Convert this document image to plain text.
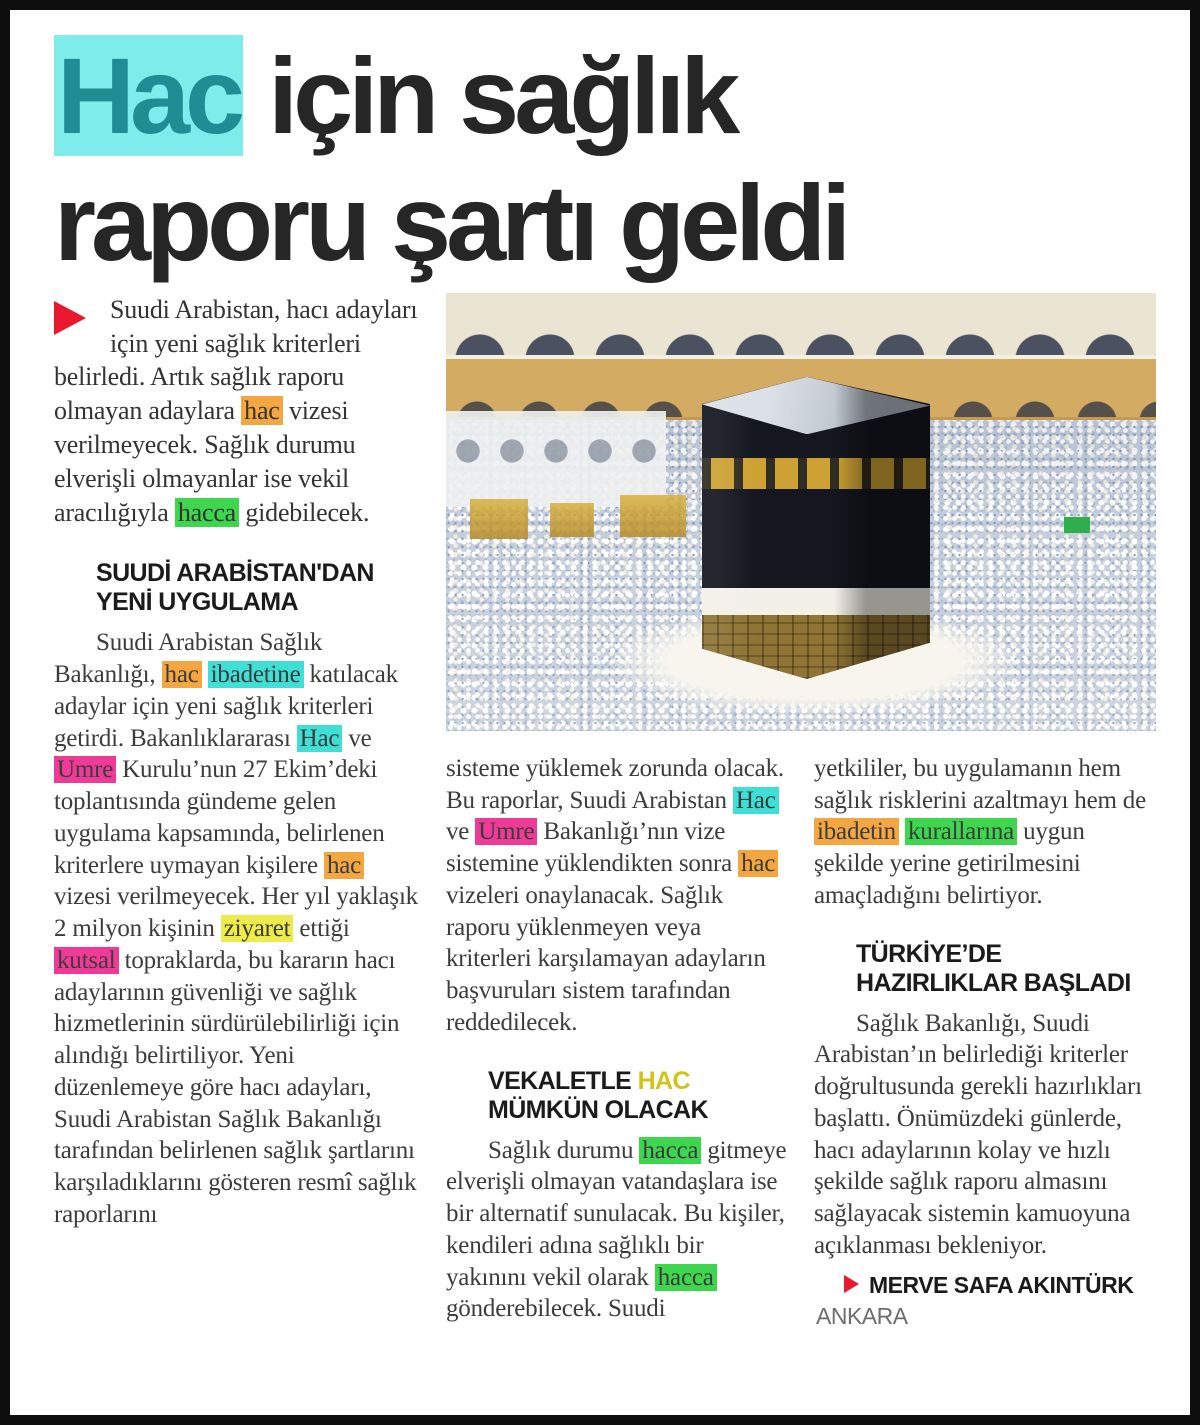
Hac için sağlık
raporu şartı geldi

Suudi Arabistan, hacı adayları için yeni sağlık kriterleri belirledi. Artık sağlık raporu olmayan adaylara hac vizesi verilmeyecek. Sağlık durumu elverişli olmayanlar ise vekil aracılığıyla hacca gidebilecek.

SUUDİ ARABİSTAN'DAN
YENİ UYGULAMA

Suudi Arabistan Sağlık Bakanlığı, hac ibadetine katılacak adaylar için yeni sağlık kriterleri getirdi. Bakanlıklararası Hac ve Umre Kurulu’nun 27 Ekim’deki toplantısında gündeme gelen uygulama kapsamında, belirlenen kriterlere uymayan kişilere hac vizesi verilmeyecek. Her yıl yaklaşık 2 milyon kişinin ziyaret ettiği kutsal topraklarda, bu kararın hacı adaylarının güvenliği ve sağlık hizmetlerinin sürdürülebilirliği için alındığı belirtiliyor. Yeni düzenlemeye göre hacı adayları, Suudi Arabistan Sağlık Bakanlığı tarafından belirlenen sağlık şartlarını karşıladıklarını gösteren resmî sağlık raporlarını

sisteme yüklemek zorunda olacak. Bu raporlar, Suudi Arabistan Hac ve Umre Bakanlığı’nın vize sistemine yüklendikten sonra hac vizeleri onaylanacak. Sağlık raporu yüklenmeyen veya kriterleri karşılamayan adayların başvuruları sistem tarafından reddedilecek.

VEKALETLE HAC
MÜMKÜN OLACAK

Sağlık durumu hacca gitmeye elverişli olmayan vatandaşlara ise bir alternatif sunulacak. Bu kişiler, kendileri adına sağlıklı bir yakınını vekil olarak hacca gönderebilecek. Suudi

yetkililer, bu uygulamanın hem sağlık risklerini azaltmayı hem de ibadetin kurallarına uygun şekilde yerine getirilmesini amaçladığını belirtiyor.

TÜRKİYE’DE
HAZIRLIKLAR BAŞLADI

Sağlık Bakanlığı, Suudi Arabistan’ın belirlediği kriterler doğrultusunda gerekli hazırlıkları başlattı. Önümüzdeki günlerde, hacı adaylarının kolay ve hızlı şekilde sağlık raporu almasını sağlayacak sistemin kamuoyuna açıklanması bekleniyor.

MERVE SAFA AKINTÜRK ANKARA
